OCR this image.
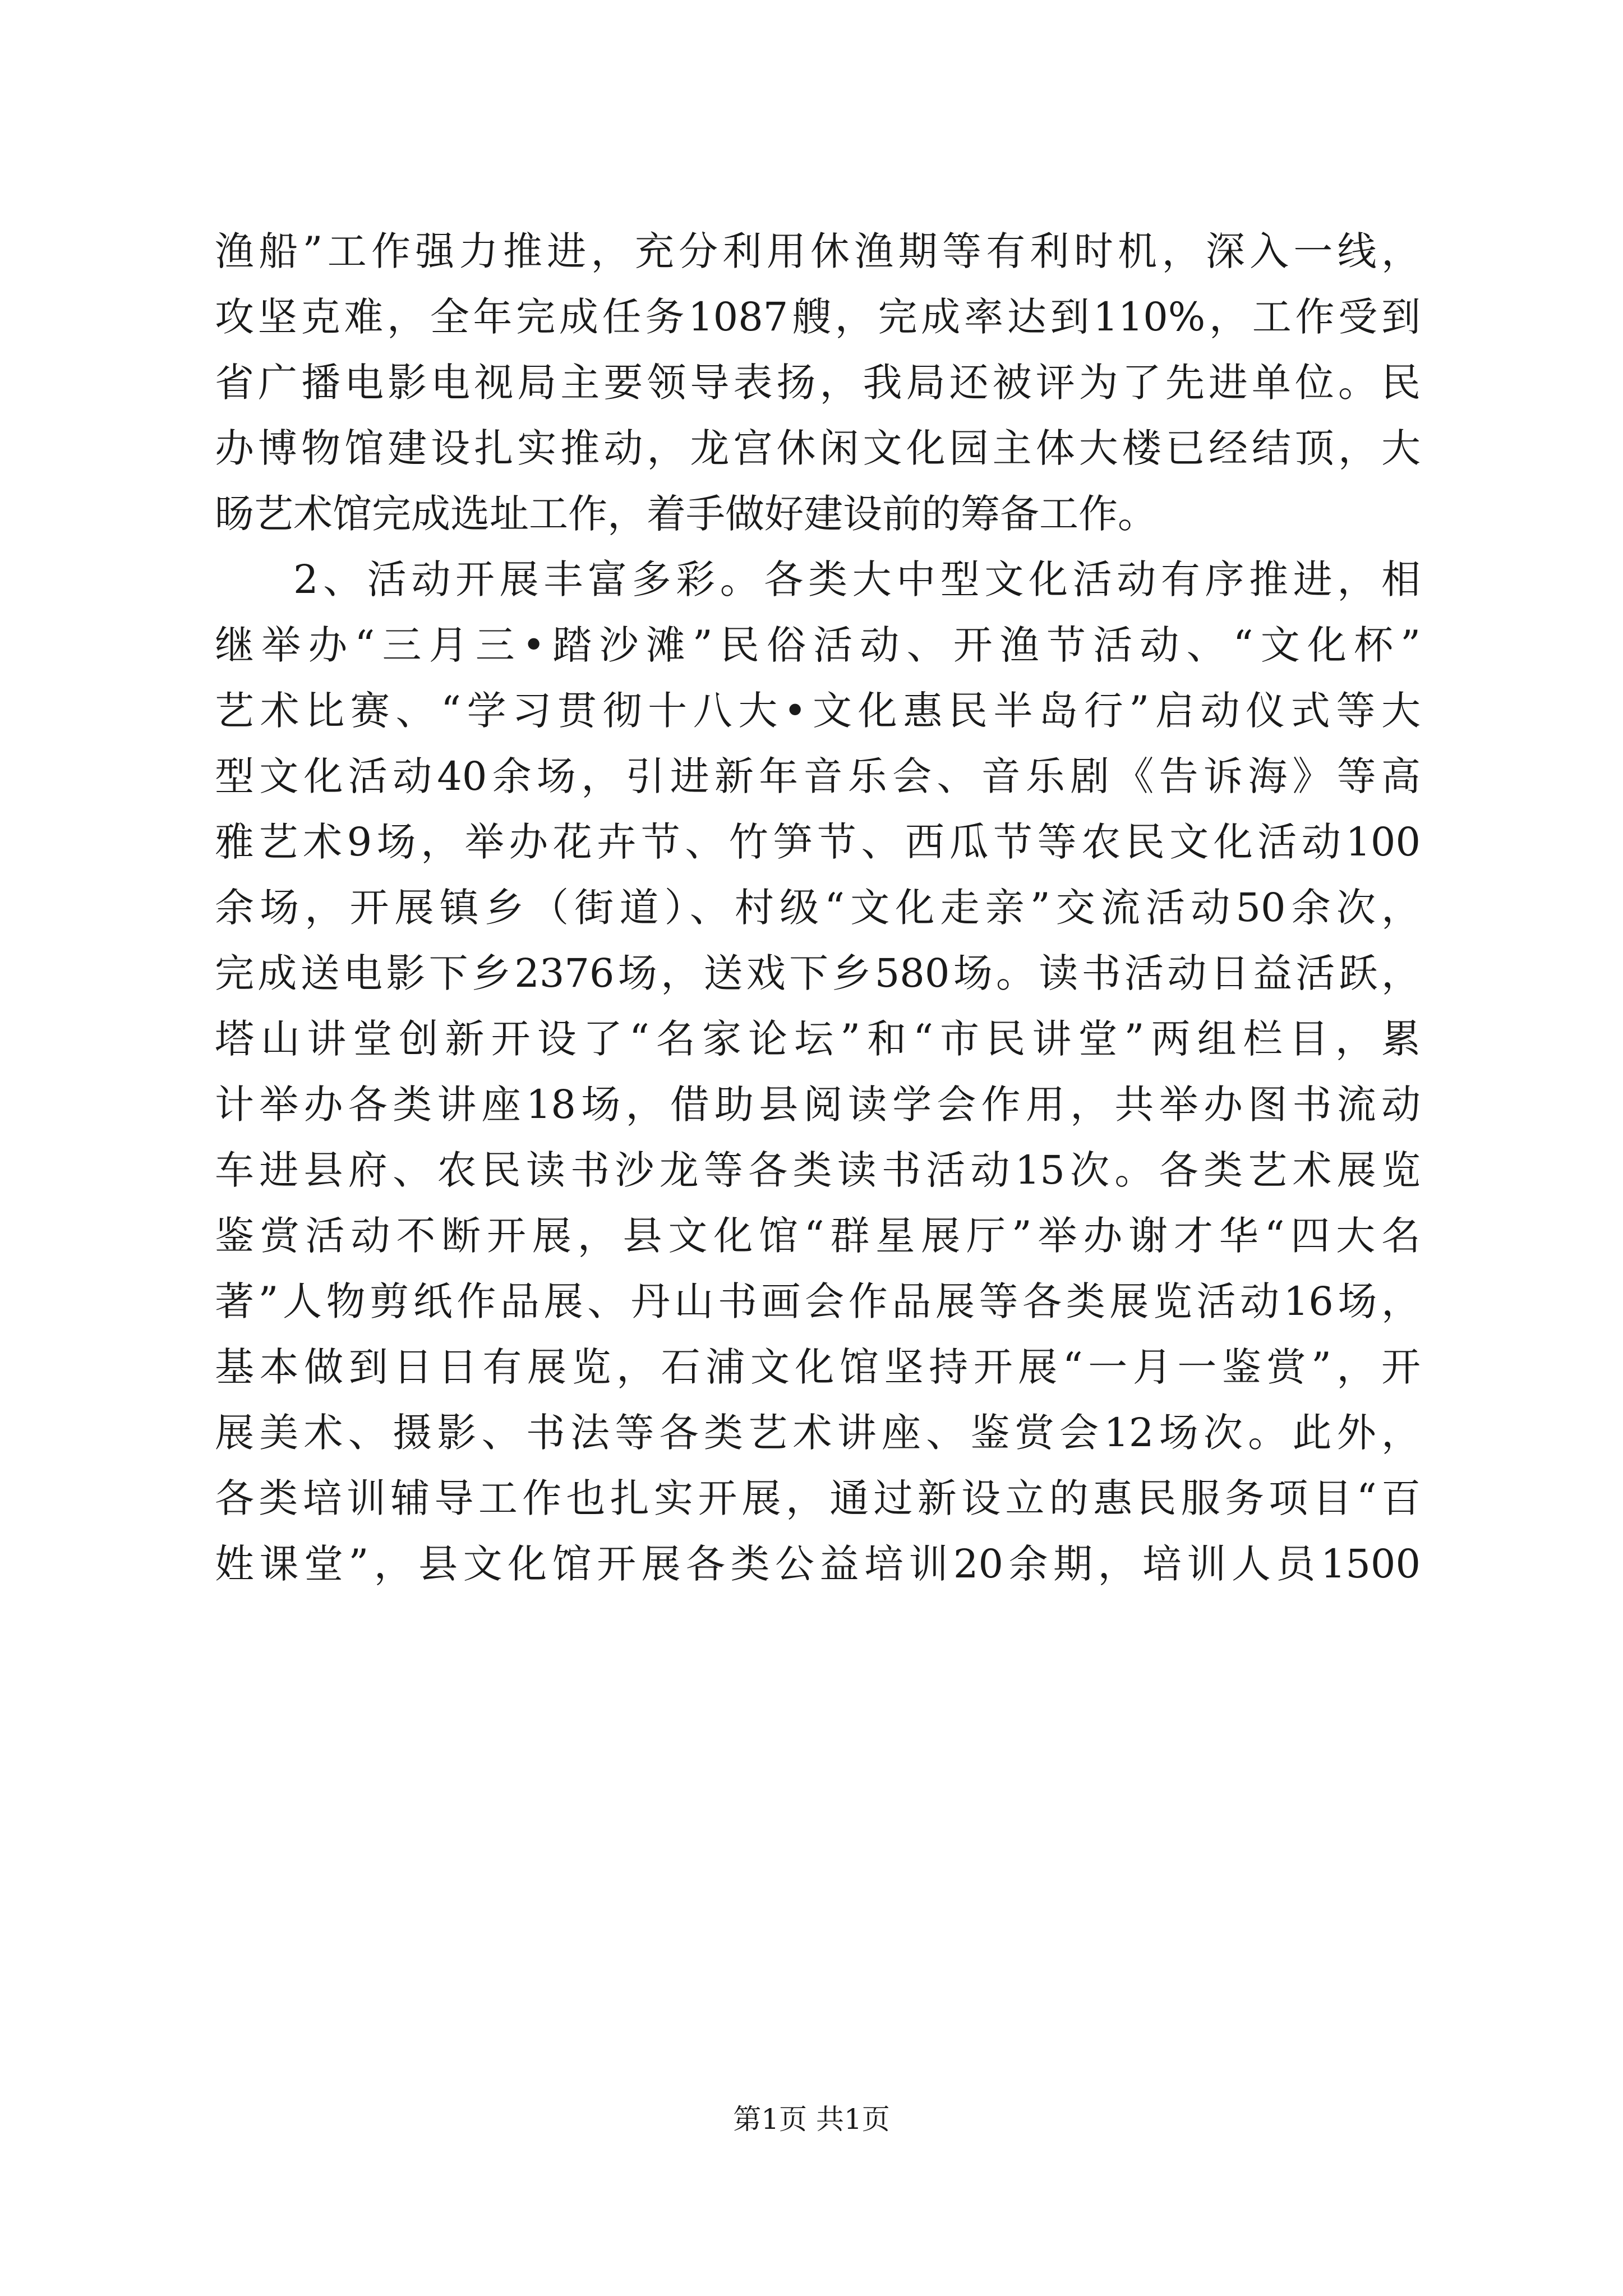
渔船”工作强力推进，充分利用休渔期等有利时机，深入一线，
攻坚克难，全年完成任务1087艘，完成率达到110%，工作受到
省广播电影电视局主要领导表扬，我局还被评为了先进单位。民
办博物馆建设扎实推动，龙宫休闲文化园主体大楼已经结顶，大
旸艺术馆完成选址工作，着手做好建设前的筹备工作。
2、活动开展丰富多彩。各类大中型文化活动有序推进，相
继举办“三月三•踏沙滩”民俗活动、开渔节活动、“文化杯”
艺术比赛、“学习贯彻十八大•文化惠民半岛行”启动仪式等大
型文化活动40余场，引进新年音乐会、音乐剧《告诉海》等高
雅艺术9场，举办花卉节、竹笋节、西瓜节等农民文化活动100
余场，开展镇乡（街道）、村级“文化走亲”交流活动50余次，
完成送电影下乡2376场，送戏下乡580场。读书活动日益活跃，
塔山讲堂创新开设了“名家论坛”和“市民讲堂”两组栏目，累
计举办各类讲座18场，借助县阅读学会作用，共举办图书流动
车进县府、农民读书沙龙等各类读书活动15次。各类艺术展览
鉴赏活动不断开展，县文化馆“群星展厅”举办谢才华“四大名
著”人物剪纸作品展、丹山书画会作品展等各类展览活动16场，
基本做到日日有展览，石浦文化馆坚持开展“一月一鉴赏”，开
展美术、摄影、书法等各类艺术讲座、鉴赏会12场次。此外，
各类培训辅导工作也扎实开展，通过新设立的惠民服务项目“百
姓课堂”，县文化馆开展各类公益培训20余期，培训人员1500
第1页 共1页
